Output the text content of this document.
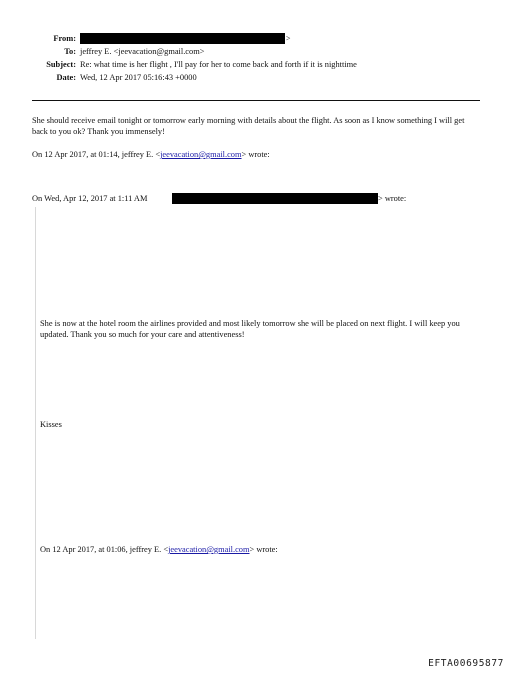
From:	>
To: jeffrey E. <jeevacation@gmail.com>
Subject: Re: what time is her flight , I'll pay for her to come back and forth if it is nighttime
Date: Wed, 12 Apr 2017 05:16:43 +0000
She should receive email tonight or tomorrow early morning with details about the flight. As soon as I know something I will get back to you ok? Thank you immensely!
On 12 Apr 2017, at 01:14, jeffrey E. <jeevacation@gmail.com> wrote:
On Wed, Apr 12, 2017 at 1:11 AM	> wrote:
She is now at the hotel room the airlines provided and most likely tomorrow she will be placed on next flight. I will keep you updated. Thank you so much for your care and attentiveness!
Kisses
On 12 Apr 2017, at 01:06, jeffrey E. <jeevacation@gmail.com> wrote:
EFTA00695877
